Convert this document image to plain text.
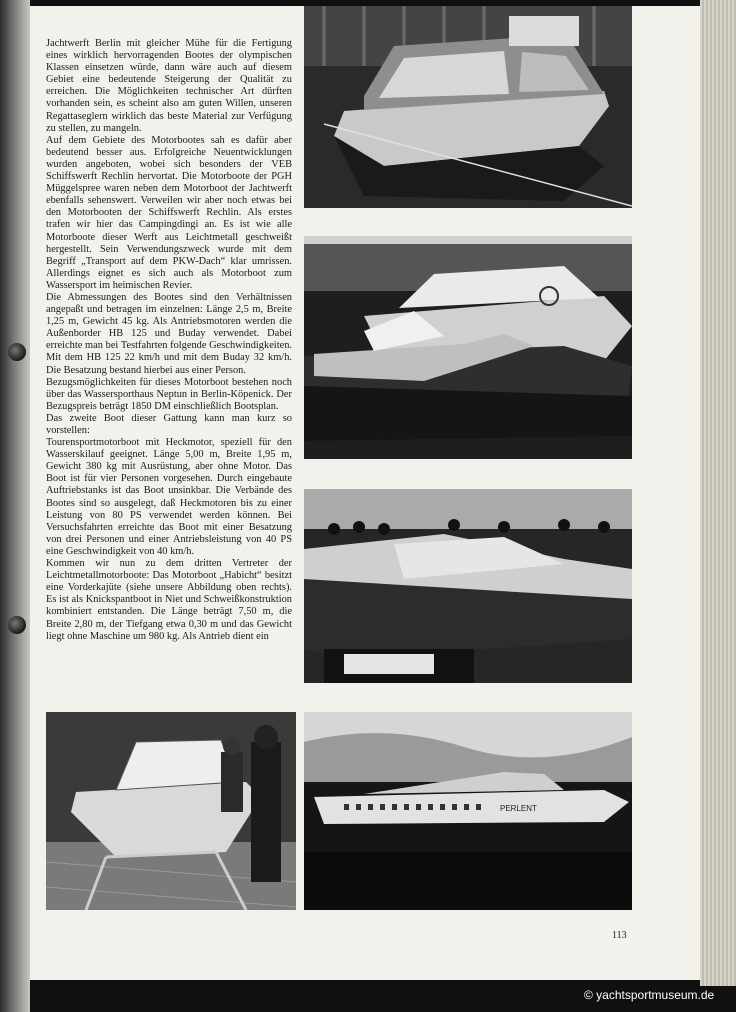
Jachtwerft Berlin mit gleicher Mühe für die Fertigung eines wirklich hervorragenden Bootes der olympischen Klassen einsetzen würde, dann wäre auch auf diesem Gebiet eine bedeutende Steigerung der Qualität zu erreichen. Die Möglichkeiten technischer Art dürften vorhanden sein, es scheint also am guten Willen, unseren Regattaseglern wirklich das beste Material zur Verfügung zu stellen, zu mangeln.

Auf dem Gebiete des Motorbootes sah es dafür aber bedeutend besser aus. Erfolgreiche Neuentwicklungen wurden angeboten, wobei sich besonders der VEB Schiffswerft Rechlin hervortat. Die Motorboote der PGH Müggelspree waren neben dem Motorboot der Jachtwerft ebenfalls sehenswert. Verweilen wir aber noch etwas bei den Motorbooten der Schiffswerft Rechlin. Als erstes trafen wir hier das Campingdingi an. Es ist wie alle Motorboote dieser Werft aus Leichtmetall geschweißt hergestellt. Sein Verwendungszweck wurde mit dem Begriff „Transport auf dem PKW-Dach“ klar umrissen. Allerdings eignet es sich auch als Motorboot zum Wassersport im heimischen Revier.

Die Abmessungen des Bootes sind den Verhältnissen angepaßt und betragen im einzelnen: Länge 2,5 m, Breite 1,25 m, Gewicht 45 kg. Als Antriebsmotoren werden die Außenborder HB 125 und Buday verwendet. Dabei erreichte man bei Testfahrten folgende Geschwindigkeiten. Mit dem HB 125 22 km/h und mit dem Buday 32 km/h. Die Besatzung bestand hierbei aus einer Person.

Bezugsmöglichkeiten für dieses Motorboot bestehen noch über das Wassersporthaus Neptun in Berlin-Köpenick. Der Bezugspreis beträgt 1850 DM einschließlich Bootsplan.

Das zweite Boot dieser Gattung kann man kurz so vorstellen:

Tourensportmotorboot mit Heckmotor, speziell für den Wasserskilauf geeignet. Länge 5,00 m, Breite 1,95 m, Gewicht 380 kg mit Ausrüstung, aber ohne Motor. Das Boot ist für vier Personen vorgesehen. Durch eingebaute Auftriebstanks ist das Boot unsinkbar. Die Verbände des Bootes sind so ausgelegt, daß Heckmotoren bis zu einer Leistung von 80 PS verwendet werden können. Bei Versuchsfahrten erreichte das Boot mit einer Besatzung von drei Personen und einer Antriebsleistung von 40 PS eine Geschwindigkeit von 40 km/h.

Kommen wir nun zu dem dritten Vertreter der Leichtmetallmotorboote: Das Motorboot „Habicht“ besitzt eine Vorderkajüte (siehe unsere Abbildung oben rechts). Es ist als Knickspantboot in Niet und Schweißkonstruktion kombiniert entstanden. Die Länge beträgt 7,50 m, die Breite 2,80 m, der Tiefgang etwa 0,30 m und das Gewicht liegt ohne Maschine um 980 kg. Als Antrieb dient ein

PERLENT
113
© yachtsportmuseum.de
